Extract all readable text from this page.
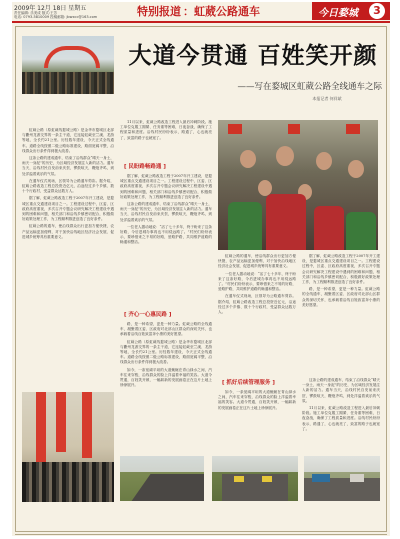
2009年 12月 18日 星期五
责任编辑: 乐美成 版式:王芳
电话: 0793-5810009 投稿邮箱: jbwxcc@163.com	特别报道 ：虹葳公路通车	今日婺城	3
大道今贯通 百姓笑开颜
——写在婺城区虹葳公路全线通车之际
本报记者 何祥斌

虹葳公路（原虹葳线婺城公路）是金华市婺城区北部与衢州龙游交界的一条主干道，它连接虹葳至兰溪、龙游等地，全长约21公里。历经数年建设，今天正式全线通车。道路全线按照二级公路标准建设，路面宽阔平整，沿线群众出行条件得到极大改善。

这条公路的建成通车，结束了沿线群众“晴天一身土，雨天一身泥”的历史，为区域经济发展注入新的活力。通车当天，沿线村民自发前来庆贺，锣鼓喧天，鞭炮齐鸣，到处洋溢着欢乐的气氛。

在通车仪式现场，区领导为公路通车剪彩。据介绍，虹葳公路改造工程总投资近亿元，沿途经过多个乡镇、数十个行政村，受益群众达数万人。

据了解，虹葳公路改造工程于2007年开工建设，是婺城区重点交通建设项目之一。工程建设过程中，区委、区政府高度重视，多次召开专题会议研究解决工程建设中遇到的困难和问题，相关部门和沿线乡镇密切配合，积极做好政策处理工作，为工程顺利推进创造了良好条件。

虹葳公路的通车，使沿线群众出行更加方便快捷，农产品运输更加便利，对于加快沿线地区经济社会发展、促进城乡统筹具有重要意义。

11月以来，虹葳公路改造工程进入最后冲刺阶段。施工单位克服工期紧、任务重等困难，日夜奋战，确保了工程质量和进度。沿线村民纷纷表示，路通了，心也就亮了，致富的路子也就宽了。

[ 民盼路畅路通 ]

据了解，虹葳公路改造工程于2007年开工建设，是婺城区重点交通建设项目之一。工程建设过程中，区委、区政府高度重视，多次召开专题会议研究解决工程建设中遇到的困难和问题，相关部门和沿线乡镇密切配合，积极做好政策处理工作，为工程顺利推进创造了良好条件。

这条公路的建成通车，结束了沿线群众“晴天一身土，雨天一身泥”的历史，为区域经济发展注入新的活力。通车当天，沿线村民自发前来庆贺，锣鼓喧天，鞭炮齐鸣，到处洋溢着欢乐的气氛。

一位老人激动地说：“活了七十多年，终于盼来了这条好路，今后进城办事再也不用绕远路了。”村民们纷纷表示，要珍惜来之不易的好路，爱路护路，共同维护道路的畅通和整洁。

虹葳公路的通车，使沿线群众出行更加方便快捷，农产品运输更加便利，对于加快沿线地区经济社会发展、促进城乡统筹具有重要意义。

一位老人激动地说：“活了七十多年，终于盼来了这条好路，今后进城办事再也不用绕远路了。”村民们纷纷表示，要珍惜来之不易的好路，爱路护路，共同维护道路的畅通和整洁。

在通车仪式现场，区领导为公路通车剪彩。据介绍，虹葳公路改造工程总投资近亿元，沿途经过多个乡镇、数十个行政村，受益群众达数万人。

据了解，虹葳公路改造工程于2007年开工建设，是婺城区重点交通建设项目之一。工程建设过程中，区委、区政府高度重视，多次召开专题会议研究解决工程建设中遇到的困难和问题，相关部门和沿线乡镇密切配合，积极做好政策处理工作，为工程顺利推进创造了良好条件。

路，是一种希望，更是一种力量。虹葳公路的全线通车，凝聚着区委、区政府对北部山区群众的深切关怀，也承载着沿线百姓致富奔小康的美好愿望。

[ 齐心一心惠民路 ]

路，是一种希望，更是一种力量。虹葳公路的全线通车，凝聚着区委、区政府对北部山区群众的深切关怀，也承载着沿线百姓致富奔小康的美好愿望。

虹葳公路（原虹葳线婺城公路）是金华市婺城区北部与衢州龙游交界的一条主干道，它连接虹葳至兰溪、龙游等地，全长约21公里。历经数年建设，今天正式全线通车。道路全线按照二级公路标准建设，路面宽阔平整，沿线群众出行条件得到极大改善。

如今，一条宽阔平坦的大道蜿蜒在青山绿水之间，汽车往来穿梭，沿线群众的脸上洋溢着幸福的笑容。大道今贯通，百姓笑开颜，一幅崭新的发展画卷正在这片土地上徐徐展开。	[ 抓好后续管理服务 ]

如今，一条宽阔平坦的大道蜿蜒在青山绿水之间，汽车往来穿梭，沿线群众的脸上洋溢着幸福的笑容。大道今贯通，百姓笑开颜，一幅崭新的发展画卷正在这片土地上徐徐展开。

这条公路的建成通车，结束了沿线群众“晴天一身土，雨天一身泥”的历史，为区域经济发展注入新的活力。通车当天，沿线村民自发前来庆贺，锣鼓喧天，鞭炮齐鸣，到处洋溢着欢乐的气氛。

11月以来，虹葳公路改造工程进入最后冲刺阶段。施工单位克服工期紧、任务重等困难，日夜奋战，确保了工程质量和进度。沿线村民纷纷表示，路通了，心也就亮了，致富的路子也就宽了。
